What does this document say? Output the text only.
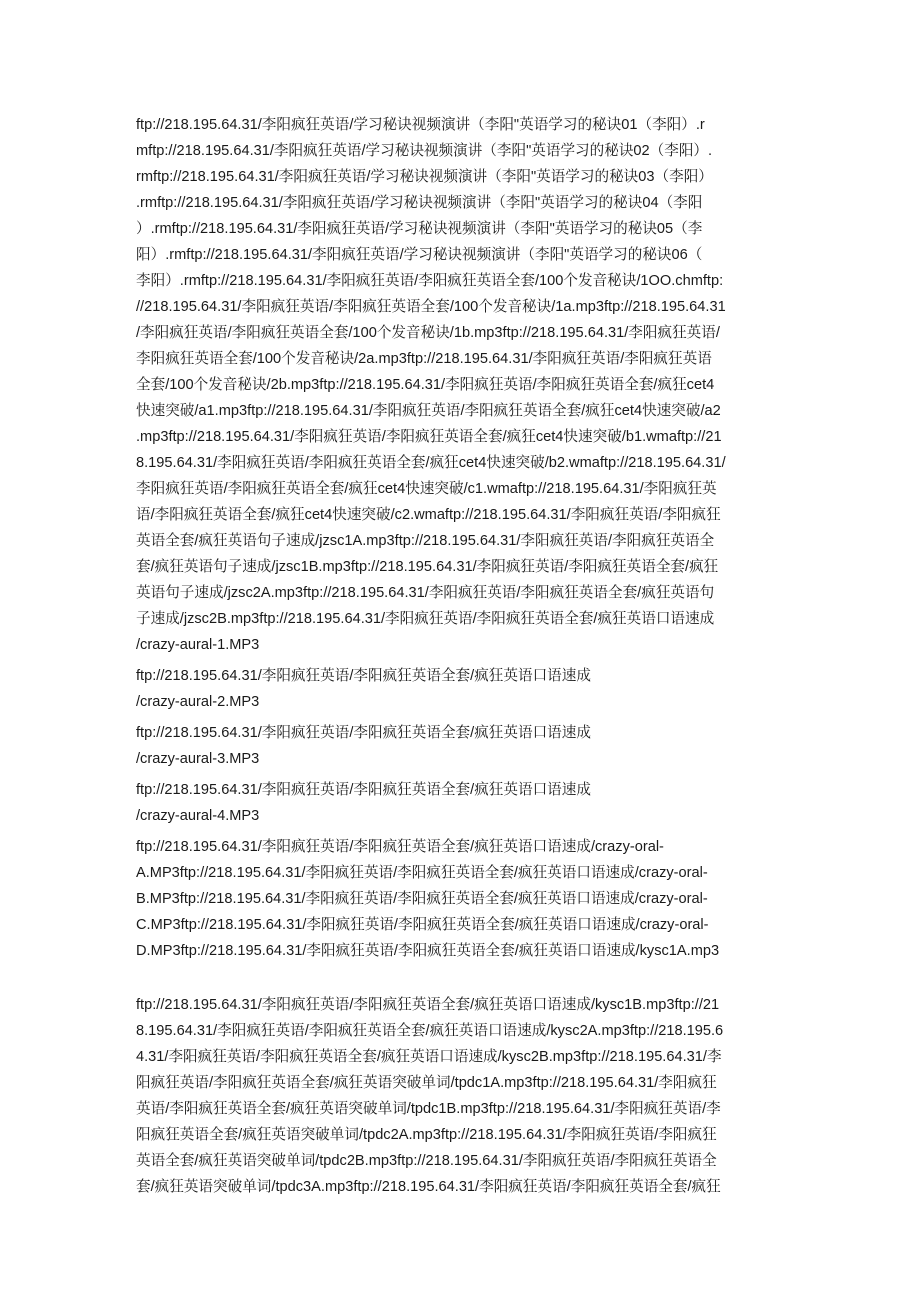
ftp://218.195.64.31/李阳疯狂英语/学习秘诀视频演讲（李阳"英语学习的秘诀01（李阳）.r
mftp://218.195.64.31/李阳疯狂英语/学习秘诀视频演讲（李阳"英语学习的秘诀02（李阳）.
rmftp://218.195.64.31/李阳疯狂英语/学习秘诀视频演讲（李阳"英语学习的秘诀03（李阳）
.rmftp://218.195.64.31/李阳疯狂英语/学习秘诀视频演讲（李阳"英语学习的秘诀04（李阳
）.rmftp://218.195.64.31/李阳疯狂英语/学习秘诀视频演讲（李阳"英语学习的秘诀05（李
阳）.rmftp://218.195.64.31/李阳疯狂英语/学习秘诀视频演讲（李阳"英语学习的秘诀06（
李阳）.rmftp://218.195.64.31/李阳疯狂英语/李阳疯狂英语全套/100个发音秘诀/1OO.chmftp:
//218.195.64.31/李阳疯狂英语/李阳疯狂英语全套/100个发音秘诀/1a.mp3ftp://218.195.64.31
/李阳疯狂英语/李阳疯狂英语全套/100个发音秘诀/1b.mp3ftp://218.195.64.31/李阳疯狂英语/
李阳疯狂英语全套/100个发音秘诀/2a.mp3ftp://218.195.64.31/李阳疯狂英语/李阳疯狂英语
全套/100个发音秘诀/2b.mp3ftp://218.195.64.31/李阳疯狂英语/李阳疯狂英语全套/疯狂cet4
快速突破/a1.mp3ftp://218.195.64.31/李阳疯狂英语/李阳疯狂英语全套/疯狂cet4快速突破/a2
.mp3ftp://218.195.64.31/李阳疯狂英语/李阳疯狂英语全套/疯狂cet4快速突破/b1.wmaftp://21
8.195.64.31/李阳疯狂英语/李阳疯狂英语全套/疯狂cet4快速突破/b2.wmaftp://218.195.64.31/
李阳疯狂英语/李阳疯狂英语全套/疯狂cet4快速突破/c1.wmaftp://218.195.64.31/李阳疯狂英
语/李阳疯狂英语全套/疯狂cet4快速突破/c2.wmaftp://218.195.64.31/李阳疯狂英语/李阳疯狂
英语全套/疯狂英语句子速成/jzsc1A.mp3ftp://218.195.64.31/李阳疯狂英语/李阳疯狂英语全
套/疯狂英语句子速成/jzsc1B.mp3ftp://218.195.64.31/李阳疯狂英语/李阳疯狂英语全套/疯狂
英语句子速成/jzsc2A.mp3ftp://218.195.64.31/李阳疯狂英语/李阳疯狂英语全套/疯狂英语句
子速成/jzsc2B.mp3ftp://218.195.64.31/李阳疯狂英语/李阳疯狂英语全套/疯狂英语口语速成
/crazy-aural-1.MP3
ftp://218.195.64.31/李阳疯狂英语/李阳疯狂英语全套/疯狂英语口语速成
/crazy-aural-2.MP3
ftp://218.195.64.31/李阳疯狂英语/李阳疯狂英语全套/疯狂英语口语速成
/crazy-aural-3.MP3
ftp://218.195.64.31/李阳疯狂英语/李阳疯狂英语全套/疯狂英语口语速成
/crazy-aural-4.MP3
ftp://218.195.64.31/李阳疯狂英语/李阳疯狂英语全套/疯狂英语口语速成/crazy-oral-
A.MP3ftp://218.195.64.31/李阳疯狂英语/李阳疯狂英语全套/疯狂英语口语速成/crazy-oral-
B.MP3ftp://218.195.64.31/李阳疯狂英语/李阳疯狂英语全套/疯狂英语口语速成/crazy-oral-
C.MP3ftp://218.195.64.31/李阳疯狂英语/李阳疯狂英语全套/疯狂英语口语速成/crazy-oral-
D.MP3ftp://218.195.64.31/李阳疯狂英语/李阳疯狂英语全套/疯狂英语口语速成/kysc1A.mp3
ftp://218.195.64.31/李阳疯狂英语/李阳疯狂英语全套/疯狂英语口语速成/kysc1B.mp3ftp://21
8.195.64.31/李阳疯狂英语/李阳疯狂英语全套/疯狂英语口语速成/kysc2A.mp3ftp://218.195.6
4.31/李阳疯狂英语/李阳疯狂英语全套/疯狂英语口语速成/kysc2B.mp3ftp://218.195.64.31/李
阳疯狂英语/李阳疯狂英语全套/疯狂英语突破单词/tpdc1A.mp3ftp://218.195.64.31/李阳疯狂
英语/李阳疯狂英语全套/疯狂英语突破单词/tpdc1B.mp3ftp://218.195.64.31/李阳疯狂英语/李
阳疯狂英语全套/疯狂英语突破单词/tpdc2A.mp3ftp://218.195.64.31/李阳疯狂英语/李阳疯狂
英语全套/疯狂英语突破单词/tpdc2B.mp3ftp://218.195.64.31/李阳疯狂英语/李阳疯狂英语全
套/疯狂英语突破单词/tpdc3A.mp3ftp://218.195.64.31/李阳疯狂英语/李阳疯狂英语全套/疯狂
